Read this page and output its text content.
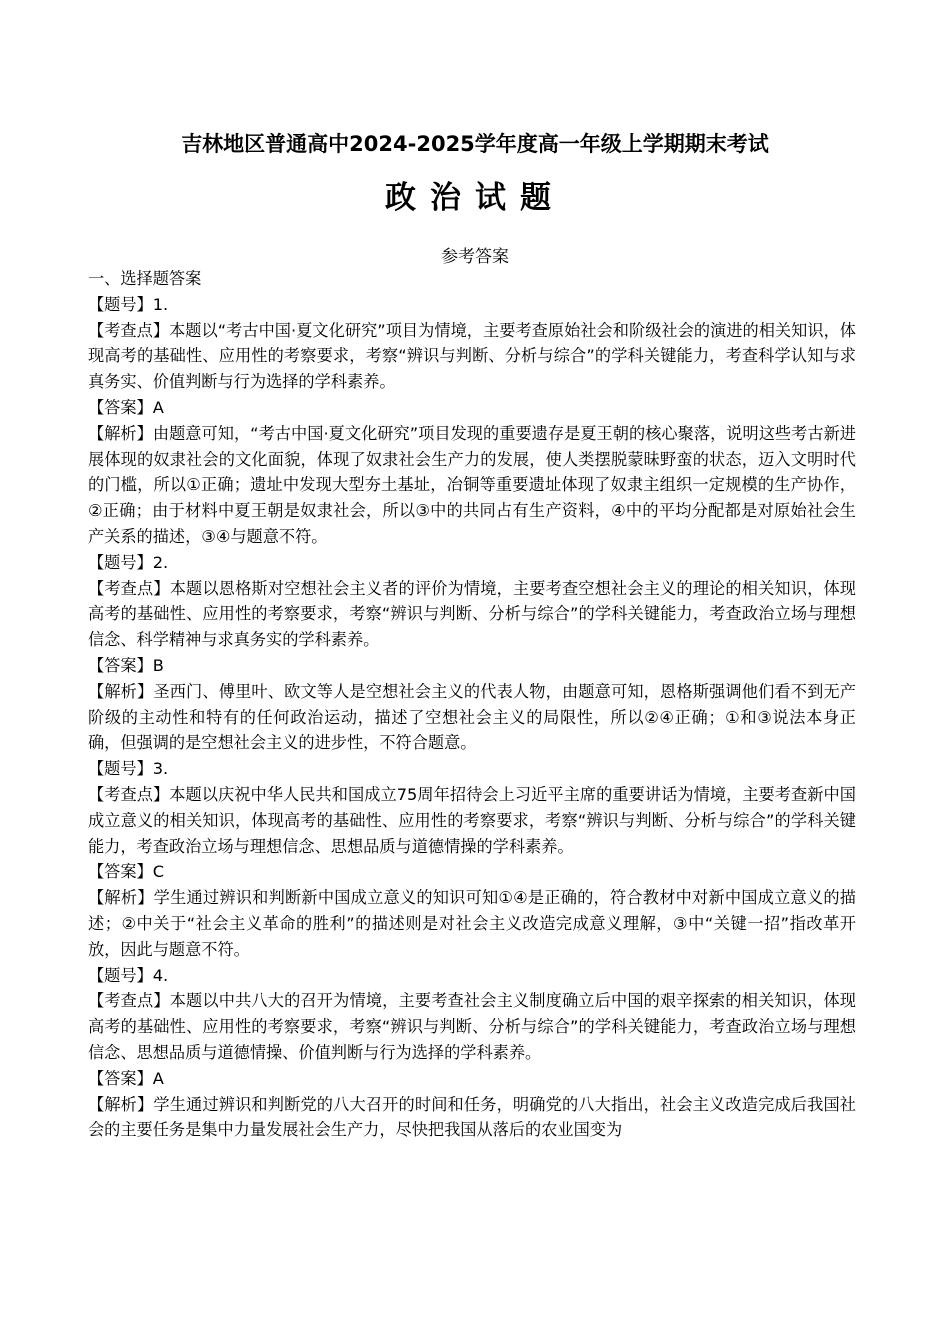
吉林地区普通高中2024-2025学年度高一年级上学期期末考试
政治试题
参考答案

一、选择题答案

【题号】1.

【考查点】本题以“考古中国·夏文化研究”项目为情境，主要考查原始社会和阶级社会的演进的相关知识，体现高考的基础性、应用性的考察要求，考察“辨识与判断、分析与综合”的学科关键能力，考查科学认知与求真务实、价值判断与行为选择的学科素养。

【答案】A

【解析】由题意可知，“考古中国·夏文化研究”项目发现的重要遗存是夏王朝的核心聚落，说明这些考古新进展体现的奴隶社会的文化面貌，体现了奴隶社会生产力的发展，使人类摆脱蒙昧野蛮的状态，迈入文明时代的门槛，所以①正确；遗址中发现大型夯土基址，冶铜等重要遗址体现了奴隶主组织一定规模的生产协作，②正确；由于材料中夏王朝是奴隶社会，所以③中的共同占有生产资料，④中的平均分配都是对原始社会生产关系的描述，③④与题意不符。

【题号】2.

【考查点】本题以恩格斯对空想社会主义者的评价为情境，主要考查空想社会主义的理论的相关知识，体现高考的基础性、应用性的考察要求，考察“辨识与判断、分析与综合”的学科关键能力，考查政治立场与理想信念、科学精神与求真务实的学科素养。

【答案】B

【解析】圣西门、傅里叶、欧文等人是空想社会主义的代表人物，由题意可知，恩格斯强调他们看不到无产阶级的主动性和特有的任何政治运动，描述了空想社会主义的局限性，所以②④正确；①和③说法本身正确，但强调的是空想社会主义的进步性，不符合题意。

【题号】3.

【考查点】本题以庆祝中华人民共和国成立75周年招待会上习近平主席的重要讲话为情境，主要考查新中国成立意义的相关知识，体现高考的基础性、应用性的考察要求，考察“辨识与判断、分析与综合”的学科关键能力，考查政治立场与理想信念、思想品质与道德情操的学科素养。

【答案】C

【解析】学生通过辨识和判断新中国成立意义的知识可知①④是正确的，符合教材中对新中国成立意义的描述；②中关于“社会主义革命的胜利”的描述则是对社会主义改造完成意义理解，③中“关键一招”指改革开放，因此与题意不符。

【题号】4.

【考查点】本题以中共八大的召开为情境，主要考查社会主义制度确立后中国的艰辛探索的相关知识，体现高考的基础性、应用性的考察要求，考察“辨识与判断、分析与综合”的学科关键能力，考查政治立场与理想信念、思想品质与道德情操、价值判断与行为选择的学科素养。

【答案】A

【解析】学生通过辨识和判断党的八大召开的时间和任务，明确党的八大指出，社会主义改造完成后我国社会的主要任务是集中力量发展社会生产力，尽快把我国从落后的农业国变为
